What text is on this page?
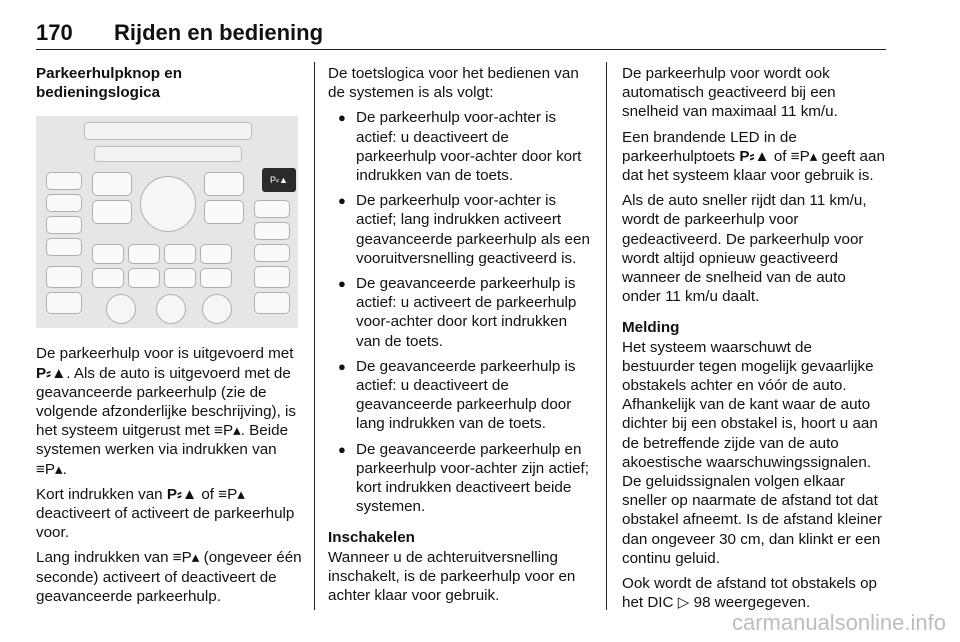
170 Rijden en bediening
Parkeerhulpknop en bedieningslogica
P⸗▲

De parkeerhulp voor is uitgevoerd met P⸗▲. Als de auto is uitgevoerd met de geavanceerde parkeerhulp (zie de volgende afzonderlijke beschrijving), is het systeem uitgerust met ≡P▴. Beide systemen werken via indrukken van ≡P▴.

Kort indrukken van P⸗▲ of ≡P▴ deactiveert of activeert de parkeerhulp voor.

Lang indrukken van ≡P▴ (ongeveer één seconde) activeert of deactiveert de geavanceerde parkeerhulp.

De toetslogica voor het bedienen van de systemen is als volgt:

● De parkeerhulp voor-achter is actief: u deactiveert de parkeerhulp voor-achter door kort indrukken van de toets.
● De parkeerhulp voor-achter is actief; lang indrukken activeert geavanceerde parkeerhulp als een vooruitversnelling geactiveerd is.
● De geavanceerde parkeerhulp is actief: u activeert de parkeerhulp voor-achter door kort indrukken van de toets.
● De geavanceerde parkeerhulp is actief: u deactiveert de geavanceerde parkeerhulp door lang indrukken van de toets.
● De geavanceerde parkeerhulp en parkeerhulp voor-achter zijn actief; kort indrukken deactiveert beide systemen.
Inschakelen

Wanneer u de achteruitversnelling inschakelt, is de parkeerhulp voor en achter klaar voor gebruik.

De parkeerhulp voor wordt ook automatisch geactiveerd bij een snelheid van maximaal 11 km/u.

Een brandende LED in de parkeerhulptoets P⸗▲ of ≡P▴ geeft aan dat het systeem klaar voor gebruik is.

Als de auto sneller rijdt dan 11 km/u, wordt de parkeerhulp voor gedeactiveerd. De parkeerhulp voor wordt altijd opnieuw geactiveerd wanneer de snelheid van de auto onder 11 km/u daalt.

Melding

Het systeem waarschuwt de bestuurder tegen mogelijk gevaarlijke obstakels achter en vóór de auto. Afhankelijk van de kant waar de auto dichter bij een obstakel is, hoort u aan de betreffende zijde van de auto akoestische waarschuwingssignalen. De geluidssignalen volgen elkaar sneller op naarmate de afstand tot dat obstakel afneemt. Is de afstand kleiner dan ongeveer 30 cm, dan klinkt er een continu geluid.

Ook wordt de afstand tot obstakels op het DIC ▷ 98 weergegeven.

carmanualsonline.info
